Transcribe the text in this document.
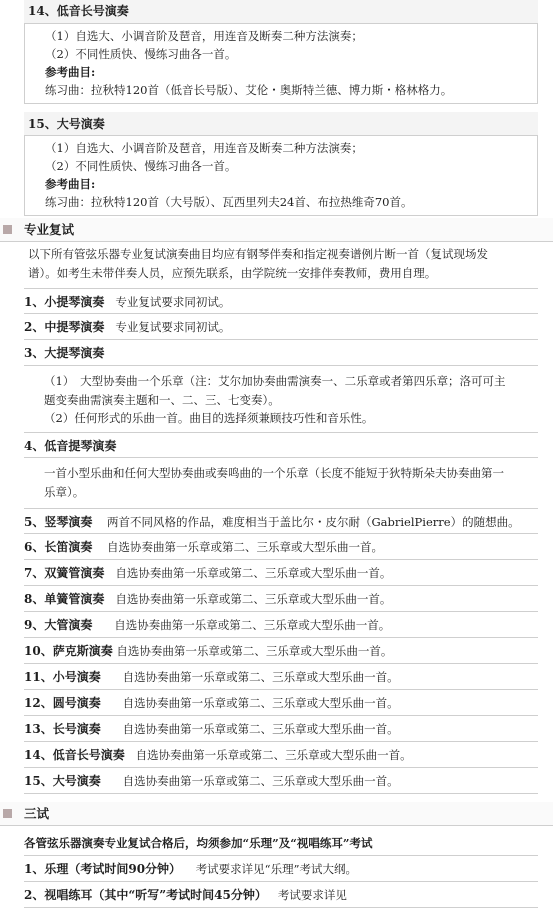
14、低音长号演奏
（1）自选大、小调音阶及琶音，用连音及断奏二种方法演奏；
（2）不同性质快、慢练习曲各一首。
参考曲目:
练习曲：拉秋特120首（低音长号版）、艾伦・奥斯特兰德、博力斯・格林格力。
15、大号演奏
（1）自选大、小调音阶及琶音，用连音及断奏二种方法演奏；
（2）不同性质快、慢练习曲各一首。
参考曲目:
练习曲：拉秋特120首（大号版）、瓦西里列夫24首、布拉热维奇70首。
专业复试
以下所有管弦乐器专业复试演奏曲目均应有钢琴伴奏和指定视奏谱例片断一首（复试现场发
谱）。如考生未带伴奏人员，应预先联系，由学院统一安排伴奏教师，费用自理。
1、小提琴演奏 专业复试要求同初试。
2、中提琴演奏 专业复试要求同初试。
3、大提琴演奏
（1）　大型协奏曲一个乐章（注：艾尔加协奏曲需演奏一、二乐章或者第四乐章；洛可可主
题变奏曲需演奏主题和一、二、三、七变奏）。
（2）任何形式的乐曲一首。曲目的选择须兼顾技巧性和音乐性。
4、低音提琴演奏
一首小型乐曲和任何大型协奏曲或奏鸣曲的一个乐章（长度不能短于狄特斯朵夫协奏曲第一
乐章）。
5、竖琴演奏 两首不同风格的作品，难度相当于盖比尔・皮尔耐（GabrielPierre）的随想曲。
6、长笛演奏 自选协奏曲第一乐章或第二、三乐章或大型乐曲一首。
7、双簧管演奏 自选协奏曲第一乐章或第二、三乐章或大型乐曲一首。
8、单簧管演奏 自选协奏曲第一乐章或第二、三乐章或大型乐曲一首。
9、大管演奏 自选协奏曲第一乐章或第二、三乐章或大型乐曲一首。
10、萨克斯演奏 自选协奏曲第一乐章或第二、三乐章或大型乐曲一首。
11、小号演奏 自选协奏曲第一乐章或第二、三乐章或大型乐曲一首。
12、圆号演奏 自选协奏曲第一乐章或第二、三乐章或大型乐曲一首。
13、长号演奏 自选协奏曲第一乐章或第二、三乐章或大型乐曲一首。
14、低音长号演奏 自选协奏曲第一乐章或第二、三乐章或大型乐曲一首。
15、大号演奏 自选协奏曲第一乐章或第二、三乐章或大型乐曲一首。
三试
各管弦乐器演奏专业复试合格后，均须参加“乐理”及“视唱练耳”考试
1、乐理（考试时间90分钟） 考试要求详见“乐理”考试大纲。
2、视唱练耳（其中“听写”考试时间45分钟） 考试要求详见
